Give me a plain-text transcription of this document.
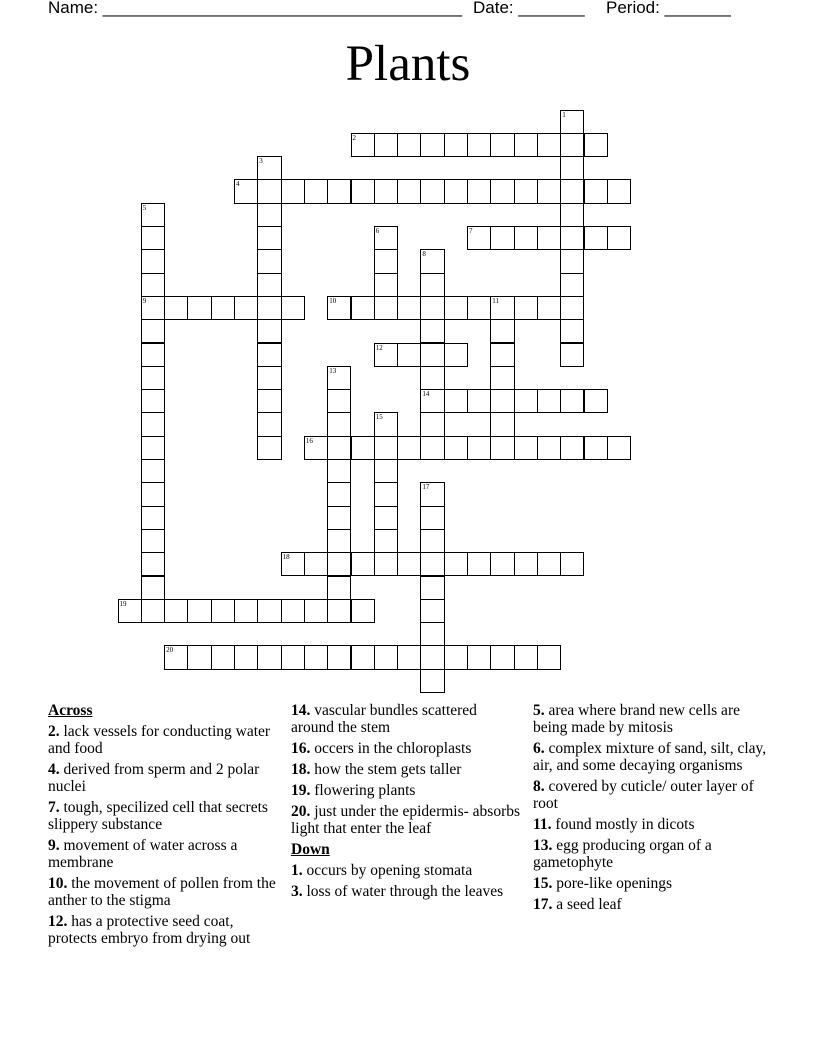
Name: ______________________________________ Date: _______ Period: _______
Plants
1
2
3
4
5
9
6	7
8
14
10	11
12
13
15
16
17
18
19
20
Across
2. lack vessels for conducting water and food
4. derived from sperm and 2 polar nuclei
7. tough, specilized cell that secrets slippery substance
9. movement of water across a membrane
10. the movement of pollen from the anther to the stigma
12. has a protective seed coat, protects embryo from drying out
14. vascular bundles scattered around the stem
16. occers in the chloroplasts
18. how the stem gets taller
19. flowering plants
20. just under the epidermis- absorbs light that enter the leaf
Down
1. occurs by opening stomata
3. loss of water through the leaves
5. area where brand new cells are being made by mitosis
6. complex mixture of sand, silt, clay, air, and some decaying organisms
8. covered by cuticle/ outer layer of root
11. found mostly in dicots
13. egg producing organ of a gametophyte
15. pore-like openings
17. a seed leaf
